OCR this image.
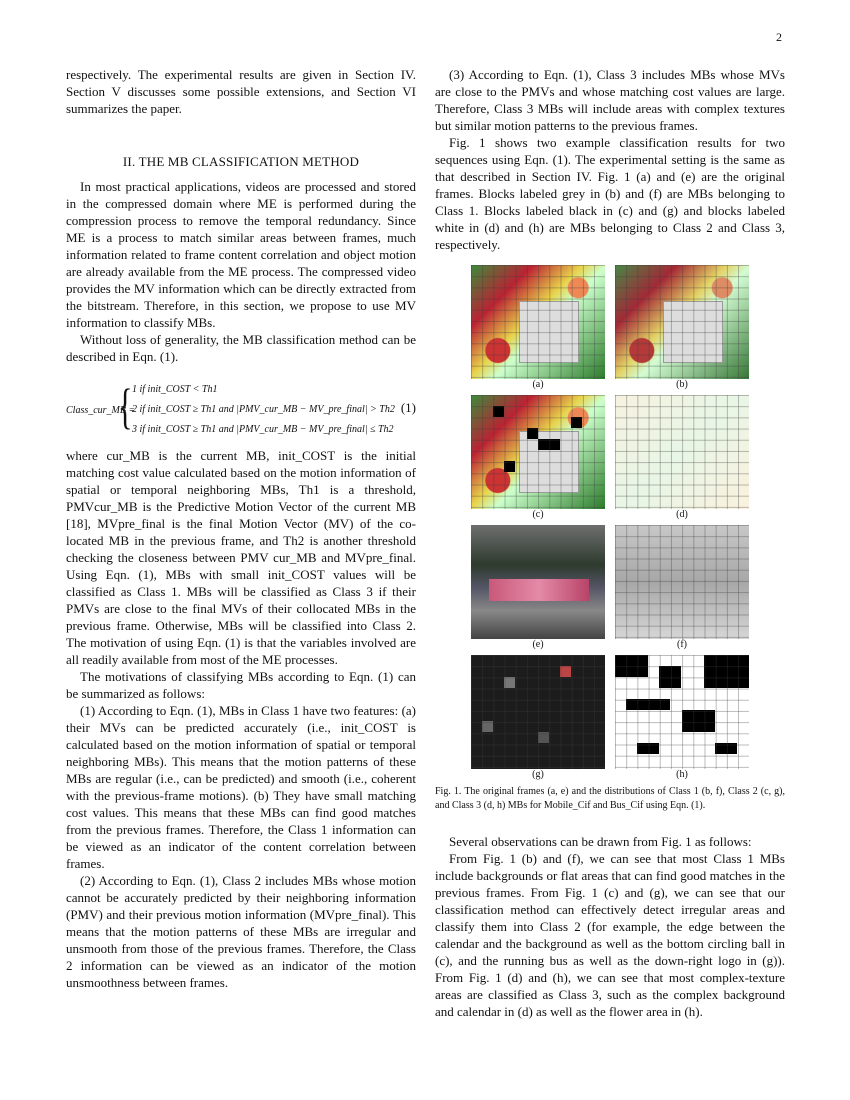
2

respectively. The experimental results are given in Section IV. Section V discusses some possible extensions, and Section VI summarizes the paper.

II. THE MB CLASSIFICATION METHOD

In most practical applications, videos are processed and stored in the compressed domain where ME is performed during the compression process to remove the temporal redundancy. Since ME is a process to match similar areas between frames, much information related to frame content correlation and object motion are already available from the ME process. The compressed video provides the MV information which can be directly extracted from the bitstream. Therefore, in this section, we propose to use MV information to classify MBs.

Without loss of generality, the MB classification method can be described in Eqn. (1).

Class_cur_MB =
{ 1 if init_COST < Th1
2 if init_COST ≥ Th1 and |PMV_cur_MB − MV_pre_final| > Th2
3 if init_COST ≥ Th1 and |PMV_cur_MB − MV_pre_final| ≤ Th2
(1)

where cur_MB is the current MB, init_COST is the initial matching cost value calculated based on the motion information of spatial or temporal neighboring MBs, Th1 is a threshold, PMVcur_MB is the Predictive Motion Vector of the current MB [18], MVpre_final is the final Motion Vector (MV) of the co-located MB in the previous frame, and Th2 is another threshold checking the closeness between PMV cur_MB and MVpre_final. Using Eqn. (1), MBs with small init_COST values will be classified as Class 1. MBs will be classified as Class 3 if their PMVs are close to the final MVs of their collocated MBs in the previous frame. Otherwise, MBs will be classified into Class 2. The motivation of using Eqn. (1) is that the variables involved are all readily available from most of the ME processes.

The motivations of classifying MBs according to Eqn. (1) can be summarized as follows:

(1) According to Eqn. (1), MBs in Class 1 have two features: (a) their MVs can be predicted accurately (i.e., init_COST is calculated based on the motion information of spatial or temporal neighboring MBs). This means that the motion patterns of these MBs are regular (i.e., can be predicted) and smooth (i.e., coherent with the previous-frame motions). (b) They have small matching cost values. This means that these MBs can find good matches from the previous frames. Therefore, the Class 1 information can be viewed as an indicator of the content correlation between frames.

(2) According to Eqn. (1), Class 2 includes MBs whose motion cannot be accurately predicted by their neighboring information (PMV) and their previous motion information (MVpre_final). This means that the motion patterns of these MBs are irregular and unsmooth from those of the previous frames. Therefore, the Class 2 information can be viewed as an indicator of the motion unsmoothness between frames.

(3) According to Eqn. (1), Class 3 includes MBs whose MVs are close to the PMVs and whose matching cost values are large. Therefore, Class 3 MBs will include areas with complex textures but similar motion patterns to the previous frames.

Fig. 1 shows two example classification results for two sequences using Eqn. (1). The experimental setting is the same as that described in Section IV. Fig. 1 (a) and (e) are the original frames. Blocks labeled grey in (b) and (f) are MBs belonging to Class 1. Blocks labeled black in (c) and (g) and blocks labeled white in (d) and (h) are MBs belonging to Class 2 and Class 3, respectively.

(a)	(b)
(c)	(d)
(e)	(f)
(g)	(h)

Fig. 1. The original frames (a, e) and the distributions of Class 1 (b, f), Class 2 (c, g), and Class 3 (d, h) MBs for Mobile_Cif and Bus_Cif using Eqn. (1).

Several observations can be drawn from Fig. 1 as follows:

From Fig. 1 (b) and (f), we can see that most Class 1 MBs include backgrounds or flat areas that can find good matches in the previous frames. From Fig. 1 (c) and (g), we can see that our classification method can effectively detect irregular areas and classify them into Class 2 (for example, the edge between the calendar and the background as well as the bottom circling ball in (c), and the running bus as well as the down-right logo in (g)). From Fig. 1 (d) and (h), we can see that most complex-texture areas are classified as Class 3, such as the complex background and calendar in (d) as well as the flower area in (h).
